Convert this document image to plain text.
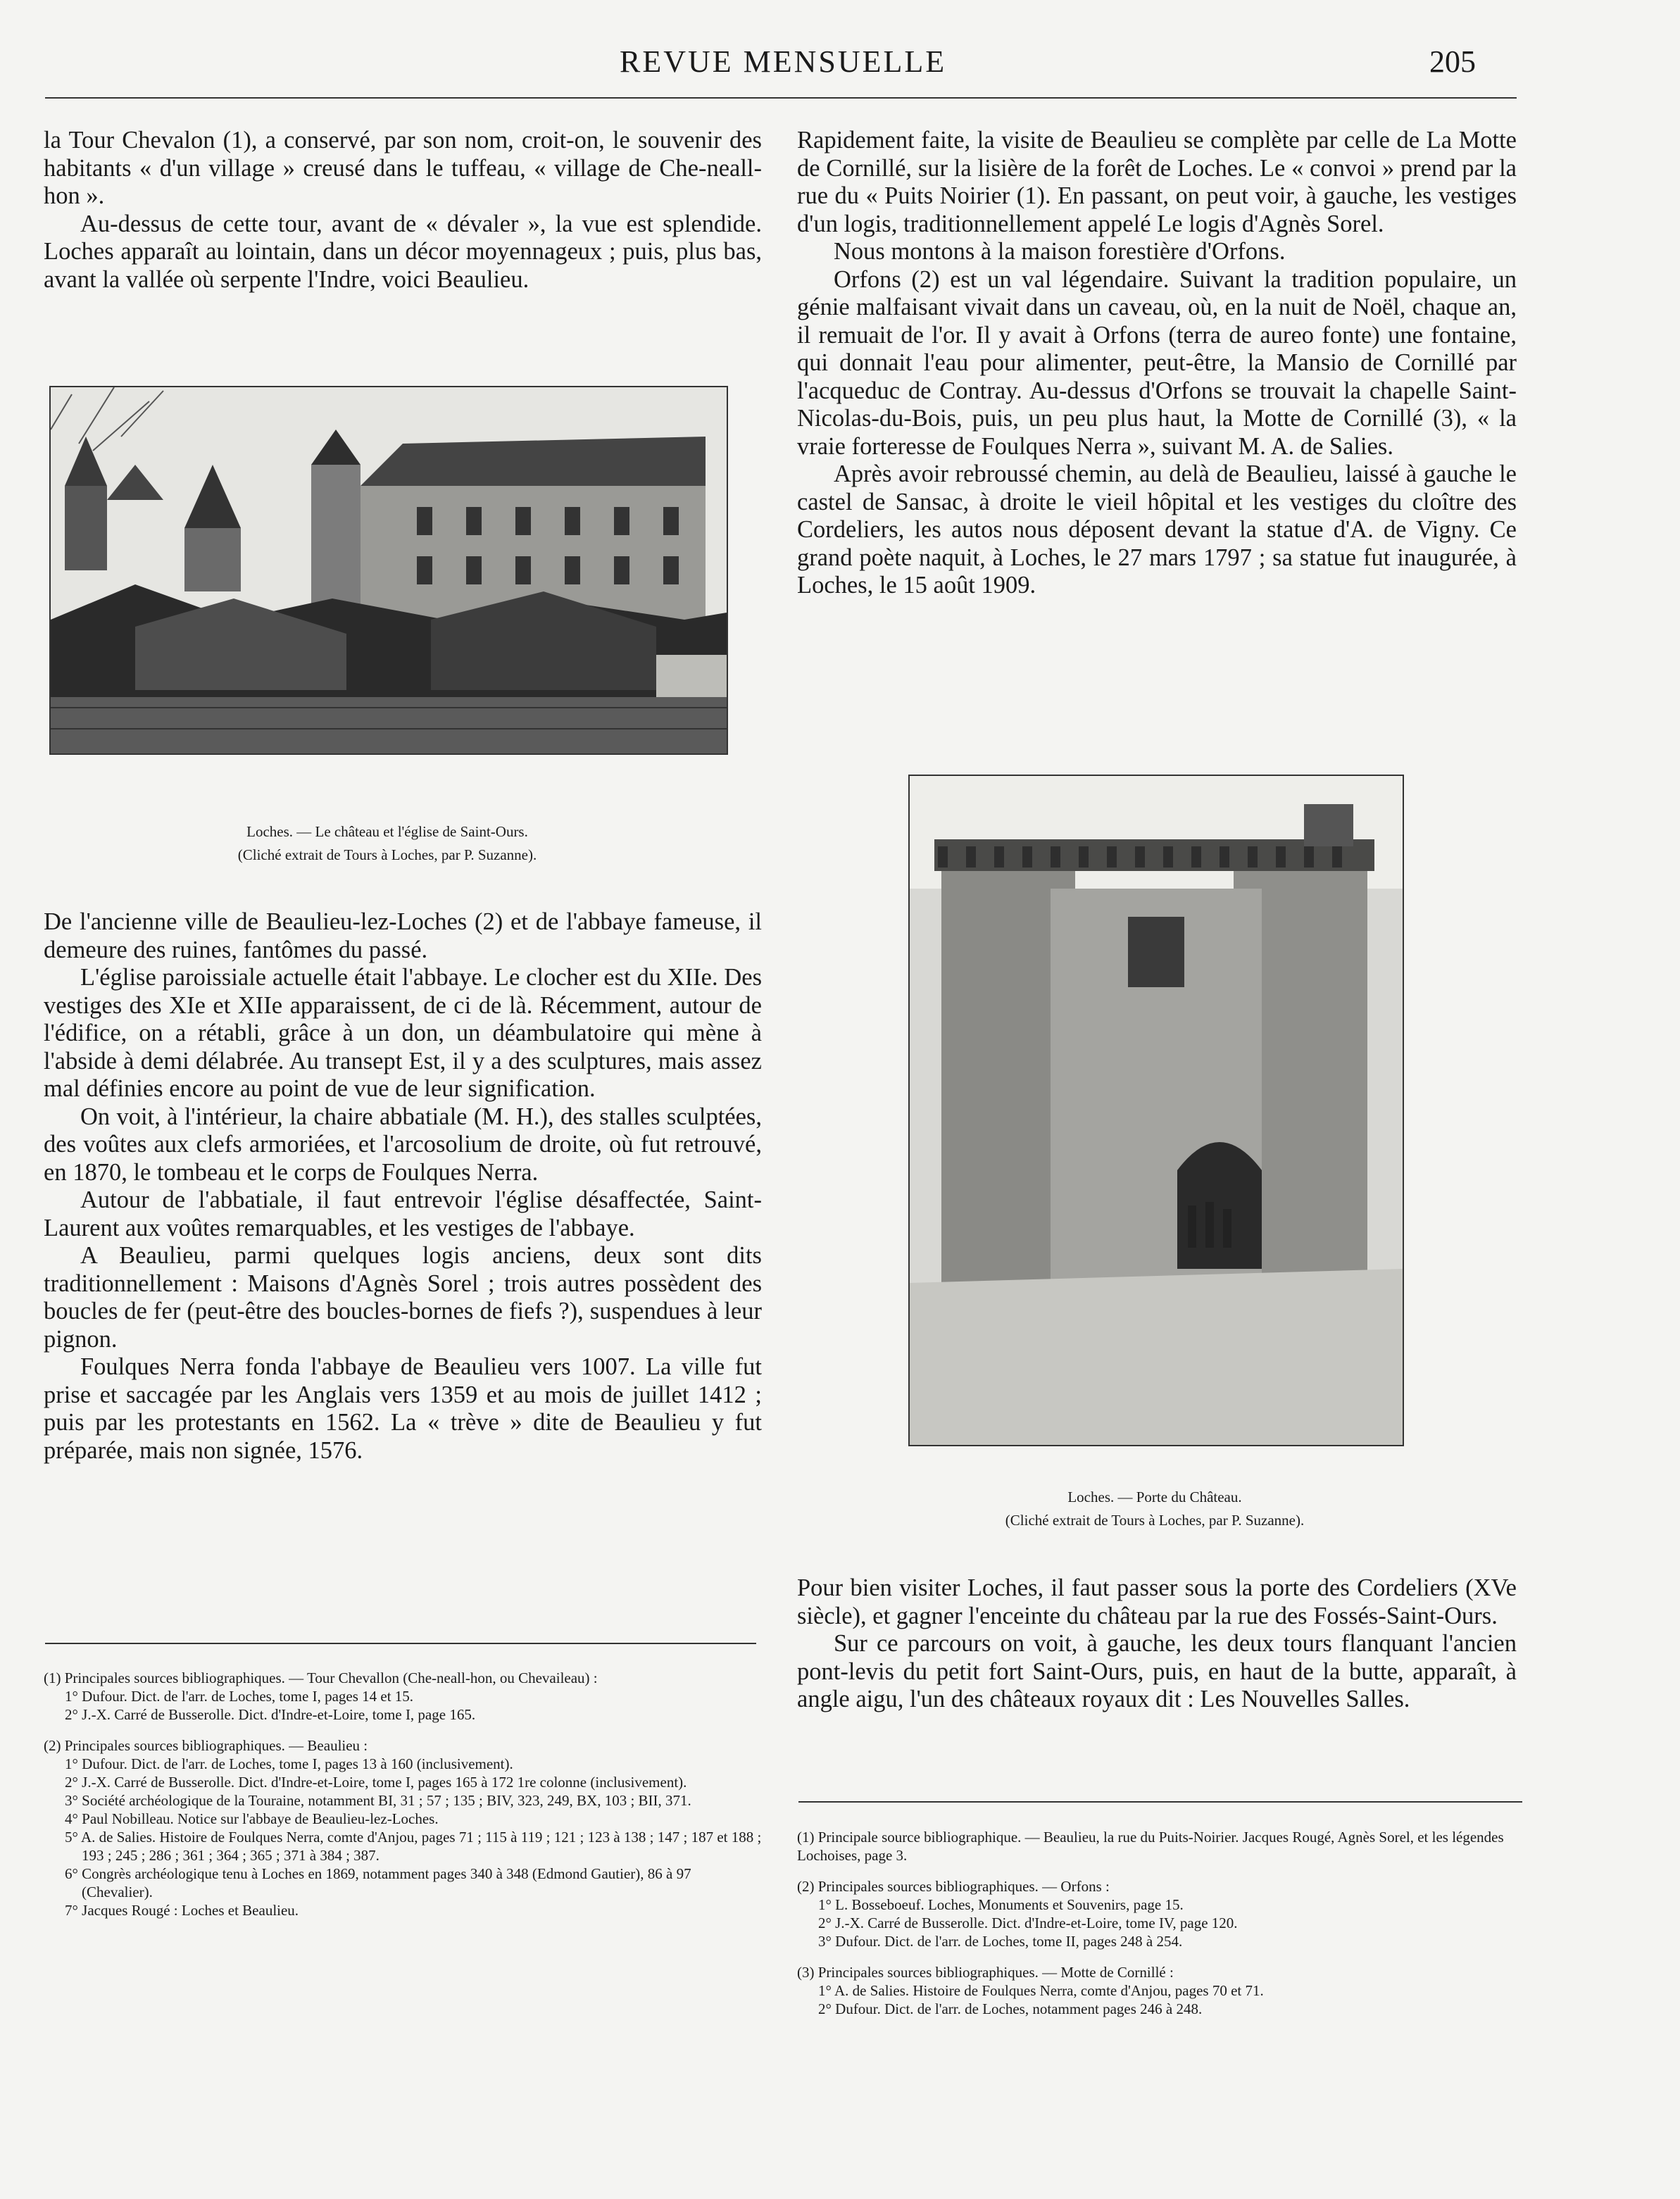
REVUE MENSUELLE	205

la Tour Chevalon (1), a conservé, par son nom, croit-on, le souvenir des habitants « d'un village » creusé dans le tuffeau, « village de Che-neall-hon ».

Au-dessus de cette tour, avant de « dévaler », la vue est splendide. Loches apparaît au lointain, dans un décor moyennageux ; puis, plus bas, avant la vallée où serpente l'Indre, voici Beaulieu.

Loches. — Le château et l'église de Saint-Ours.
(Cliché extrait de Tours à Loches, par P. Suzanne).

De l'ancienne ville de Beaulieu-lez-Loches (2) et de l'abbaye fameuse, il demeure des ruines, fantômes du passé.

L'église paroissiale actuelle était l'abbaye. Le clocher est du XIIe. Des vestiges des XIe et XIIe apparaissent, de ci de là. Récemment, autour de l'édifice, on a rétabli, grâce à un don, un déambulatoire qui mène à l'abside à demi délabrée. Au transept Est, il y a des sculptures, mais assez mal définies encore au point de vue de leur signification.

On voit, à l'intérieur, la chaire abbatiale (M. H.), des stalles sculptées, des voûtes aux clefs armoriées, et l'arcosolium de droite, où fut retrouvé, en 1870, le tombeau et le corps de Foulques Nerra.

Autour de l'abbatiale, il faut entrevoir l'église désaffectée, Saint-Laurent aux voûtes remarquables, et les vestiges de l'abbaye.

A Beaulieu, parmi quelques logis anciens, deux sont dits traditionnellement : Maisons d'Agnès Sorel ; trois autres possèdent des boucles de fer (peut-être des boucles-bornes de fiefs ?), suspendues à leur pignon.

Foulques Nerra fonda l'abbaye de Beaulieu vers 1007. La ville fut prise et saccagée par les Anglais vers 1359 et au mois de juillet 1412 ; puis par les protestants en 1562. La « trève » dite de Beaulieu y fut préparée, mais non signée, 1576.

(1) Principales sources bibliographiques. — Tour Chevallon (Che-neall-hon, ou Chevaileau) :

1° Dufour. Dict. de l'arr. de Loches, tome I, pages 14 et 15.

2° J.-X. Carré de Busserolle. Dict. d'Indre-et-Loire, tome I, page 165.

(2) Principales sources bibliographiques. — Beaulieu :

1° Dufour. Dict. de l'arr. de Loches, tome I, pages 13 à 160 (inclusivement).

2° J.-X. Carré de Busserolle. Dict. d'Indre-et-Loire, tome I, pages 165 à 172 1re colonne (inclusivement).

3° Société archéologique de la Touraine, notamment BI, 31 ; 57 ; 135 ; BIV, 323, 249, BX, 103 ; BII, 371.

4° Paul Nobilleau. Notice sur l'abbaye de Beaulieu-lez-Loches.

5° A. de Salies. Histoire de Foulques Nerra, comte d'Anjou, pages 71 ; 115 à 119 ; 121 ; 123 à 138 ; 147 ; 187 et 188 ; 193 ; 245 ; 286 ; 361 ; 364 ; 365 ; 371 à 384 ; 387.

6° Congrès archéologique tenu à Loches en 1869, notamment pages 340 à 348 (Edmond Gautier), 86 à 97 (Chevalier).

7° Jacques Rougé : Loches et Beaulieu.

Rapidement faite, la visite de Beaulieu se complète par celle de La Motte de Cornillé, sur la lisière de la forêt de Loches. Le « convoi » prend par la rue du « Puits Noirier (1). En passant, on peut voir, à gauche, les vestiges d'un logis, traditionnellement appelé Le logis d'Agnès Sorel.

Nous montons à la maison forestière d'Orfons.

Orfons (2) est un val légendaire. Suivant la tradition populaire, un génie malfaisant vivait dans un caveau, où, en la nuit de Noël, chaque an, il remuait de l'or. Il y avait à Orfons (terra de aureo fonte) une fontaine, qui donnait l'eau pour alimenter, peut-être, la Mansio de Cornillé par l'acqueduc de Contray. Au-dessus d'Orfons se trouvait la chapelle Saint-Nicolas-du-Bois, puis, un peu plus haut, la Motte de Cornillé (3), « la vraie forteresse de Foulques Nerra », suivant M. A. de Salies.

Après avoir rebroussé chemin, au delà de Beaulieu, laissé à gauche le castel de Sansac, à droite le vieil hôpital et les vestiges du cloître des Cordeliers, les autos nous déposent devant la statue d'A. de Vigny. Ce grand poète naquit, à Loches, le 27 mars 1797 ; sa statue fut inaugurée, à Loches, le 15 août 1909.

Loches. — Porte du Château.
(Cliché extrait de Tours à Loches, par P. Suzanne).

Pour bien visiter Loches, il faut passer sous la porte des Cordeliers (XVe siècle), et gagner l'enceinte du château par la rue des Fossés-Saint-Ours.

Sur ce parcours on voit, à gauche, les deux tours flanquant l'ancien pont-levis du petit fort Saint-Ours, puis, en haut de la butte, apparaît, à angle aigu, l'un des châteaux royaux dit : Les Nouvelles Salles.

(1) Principale source bibliographique. — Beaulieu, la rue du Puits-Noirier. Jacques Rougé, Agnès Sorel, et les légendes Lochoises, page 3.

(2) Principales sources bibliographiques. — Orfons :

1° L. Bosseboeuf. Loches, Monuments et Souvenirs, page 15.

2° J.-X. Carré de Busserolle. Dict. d'Indre-et-Loire, tome IV, page 120.

3° Dufour. Dict. de l'arr. de Loches, tome II, pages 248 à 254.

(3) Principales sources bibliographiques. — Motte de Cornillé :

1° A. de Salies. Histoire de Foulques Nerra, comte d'Anjou, pages 70 et 71.

2° Dufour. Dict. de l'arr. de Loches, notamment pages 246 à 248.
